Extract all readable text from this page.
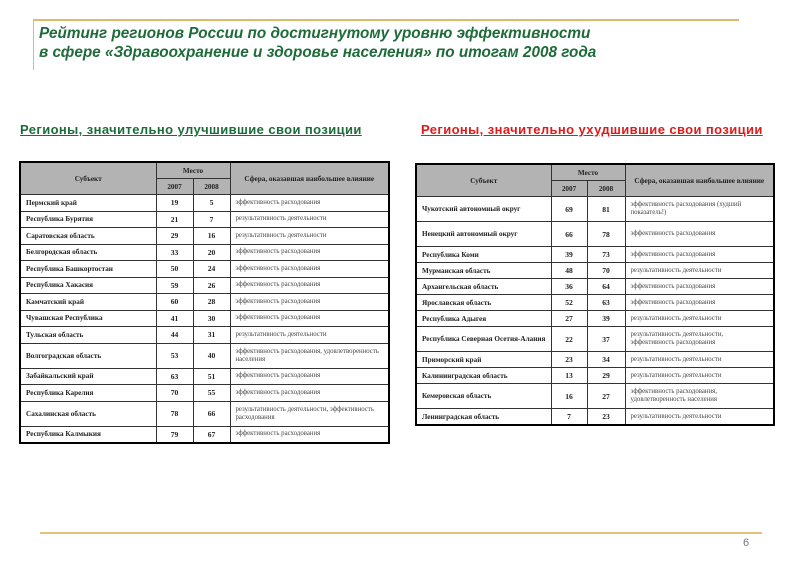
Рейтинг регионов России по достигнутому уровню эффективности
в сфере «Здравоохранение и здоровье населения» по итогам 2008 года
Регионы, значительно улучшившие свои позиции	Регионы, значительно ухудшившие свои позиции
Субъект	Место		Сфера, оказавшая наибольшее влияние
	2007	2008	
Пермский край	19	5	эффективность расходования
Республика Бурятия	21	7	результативность деятельности
Саратовская область	29	16	результативность деятельности
Белгородская область	33	20	эффективность расходования
Республика Башкортостан	50	24	эффективность расходования
Республика Хакасия	59	26	эффективность расходования
Камчатский край	60	28	эффективность расходования
Чувашская Республика	41	30	эффективность расходования
Тульская область	44	31	результативность деятельности
Волгоградская область	53	40	эффективность расходования, удовлетворенность населения
Забайкальский край	63	51	эффективность расходования
Республика Карелия	70	55	эффективность расходования
Сахалинская область	78	66	результативность деятельности, эффективность расходования
Республика Калмыкия	79	67	эффективность расходования
Субъект	Место		Сфера, оказавшая наибольшее влияние
	2007	2008	
Чукотский автономный округ	69	81	эффективность расходования (худший показатель!)
Ненецкий автономный округ	66	78	эффективность расходования
Республика Коми	39	73	эффективность расходования
Мурманская область	48	70	результативность деятельности
Архангельская область	36	64	эффективность расходования
Ярославская область	52	63	эффективность расходования
Республика Адыгея	27	39	результативность деятельности
Республика Северная Осетия-Алания	22	37	результативность деятельности, эффективность расходования
Приморский край	23	34	результативность деятельности
Калининградская область	13	29	результативность деятельности
Кемеровская область	16	27	эффективность расходования, удовлетворенность населения
Ленинградская область	7	23	результативность деятельности
6
